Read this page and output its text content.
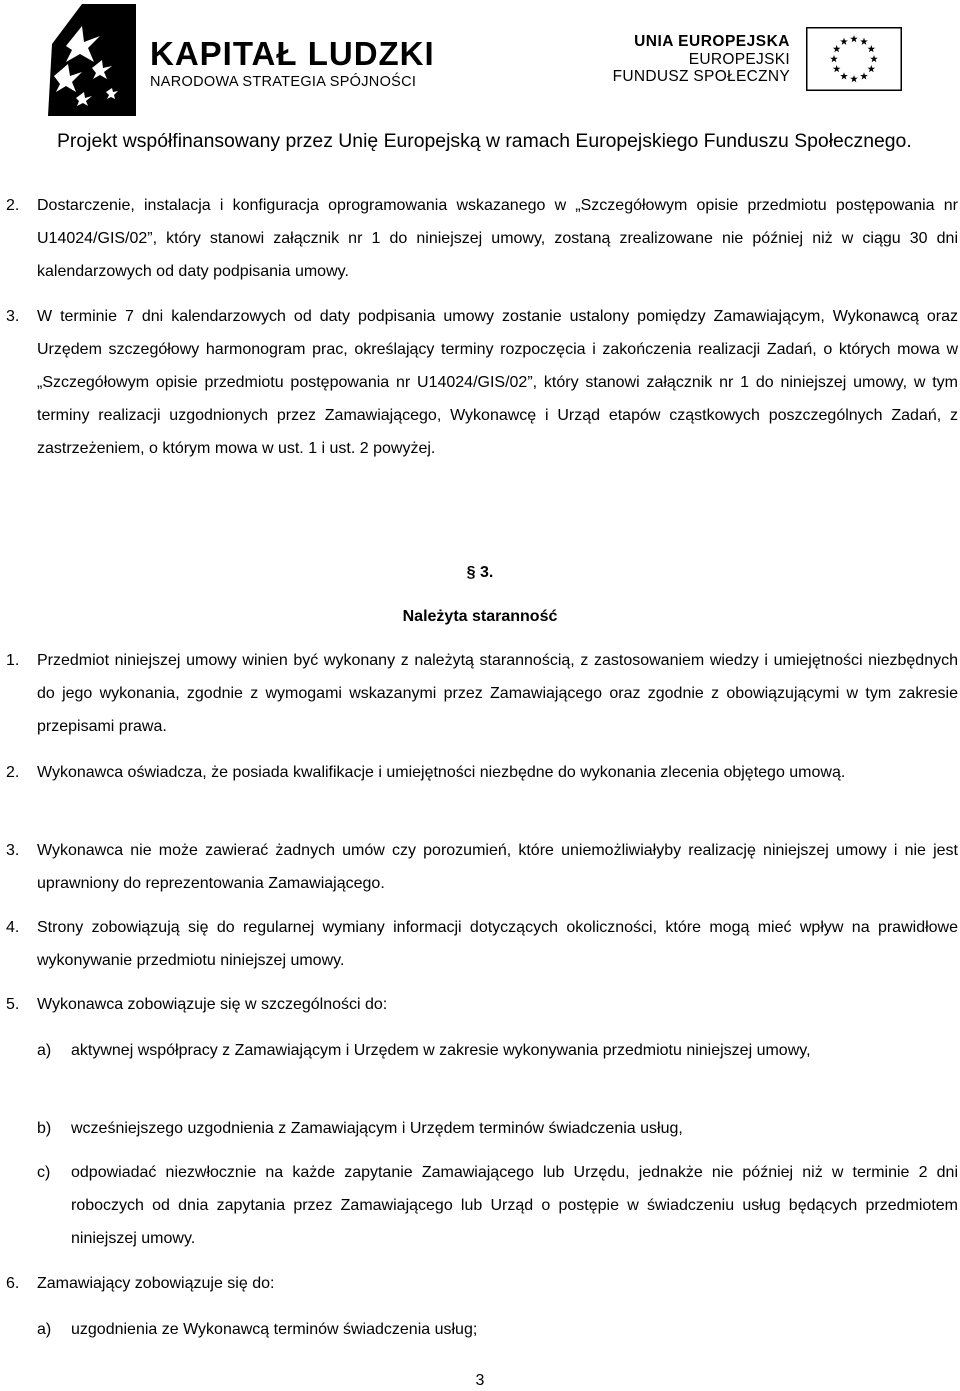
KAPITAŁ LUDZKI
NARODOWA STRATEGIA SPÓJNOŚCI
UNIA EUROPEJSKA
EUROPEJSKI
FUNDUSZ SPOŁECZNY
Projekt współfinansowany przez Unię Europejską w ramach Europejskiego Funduszu Społecznego.
2. Dostarczenie, instalacja i konfiguracja oprogramowania wskazanego w „Szczegółowym opisie przedmiotu postępowania nr U14024/GIS/02”, który stanowi załącznik nr 1 do niniejszej umowy, zostaną zrealizowane nie później niż w ciągu 30 dni kalendarzowych od daty podpisania umowy.
3. W terminie 7 dni kalendarzowych od daty podpisania umowy zostanie ustalony pomiędzy Zamawiającym, Wykonawcą oraz Urzędem szczegółowy harmonogram prac, określający terminy rozpoczęcia i zakończenia realizacji Zadań, o których mowa w „Szczegółowym opisie przedmiotu postępowania nr U14024/GIS/02”, który stanowi załącznik nr 1 do niniejszej umowy, w tym terminy realizacji uzgodnionych przez Zamawiającego, Wykonawcę i Urząd etapów cząstkowych poszczególnych Zadań, z zastrzeżeniem, o którym mowa w ust. 1 i ust. 2 powyżej.
§ 3.
Należyta staranność
1. Przedmiot niniejszej umowy winien być wykonany z należytą starannością, z zastosowaniem wiedzy i umiejętności niezbędnych do jego wykonania, zgodnie z wymogami wskazanymi przez Zamawiającego oraz zgodnie z obowiązującymi w tym zakresie przepisami prawa.
2. Wykonawca oświadcza, że posiada kwalifikacje i umiejętności niezbędne do wykonania zlecenia objętego umową.
3. Wykonawca nie może zawierać żadnych umów czy porozumień, które uniemożliwiałyby realizację niniejszej umowy i nie jest uprawniony do reprezentowania Zamawiającego.
4. Strony zobowiązują się do regularnej wymiany informacji dotyczących okoliczności, które mogą mieć wpływ na prawidłowe wykonywanie przedmiotu niniejszej umowy.
5. Wykonawca zobowiązuje się w szczególności do:
a) aktywnej współpracy z Zamawiającym i Urzędem w zakresie wykonywania przedmiotu niniejszej umowy,
b) wcześniejszego uzgodnienia z Zamawiającym i Urzędem terminów świadczenia usług,
c) odpowiadać niezwłocznie na każde zapytanie Zamawiającego lub Urzędu, jednakże nie później niż w terminie 2 dni roboczych od dnia zapytania przez Zamawiającego lub Urząd o postępie w świadczeniu usług będących przedmiotem niniejszej umowy.
6. Zamawiający zobowiązuje się do:
a) uzgodnienia ze Wykonawcą terminów świadczenia usług;
3
